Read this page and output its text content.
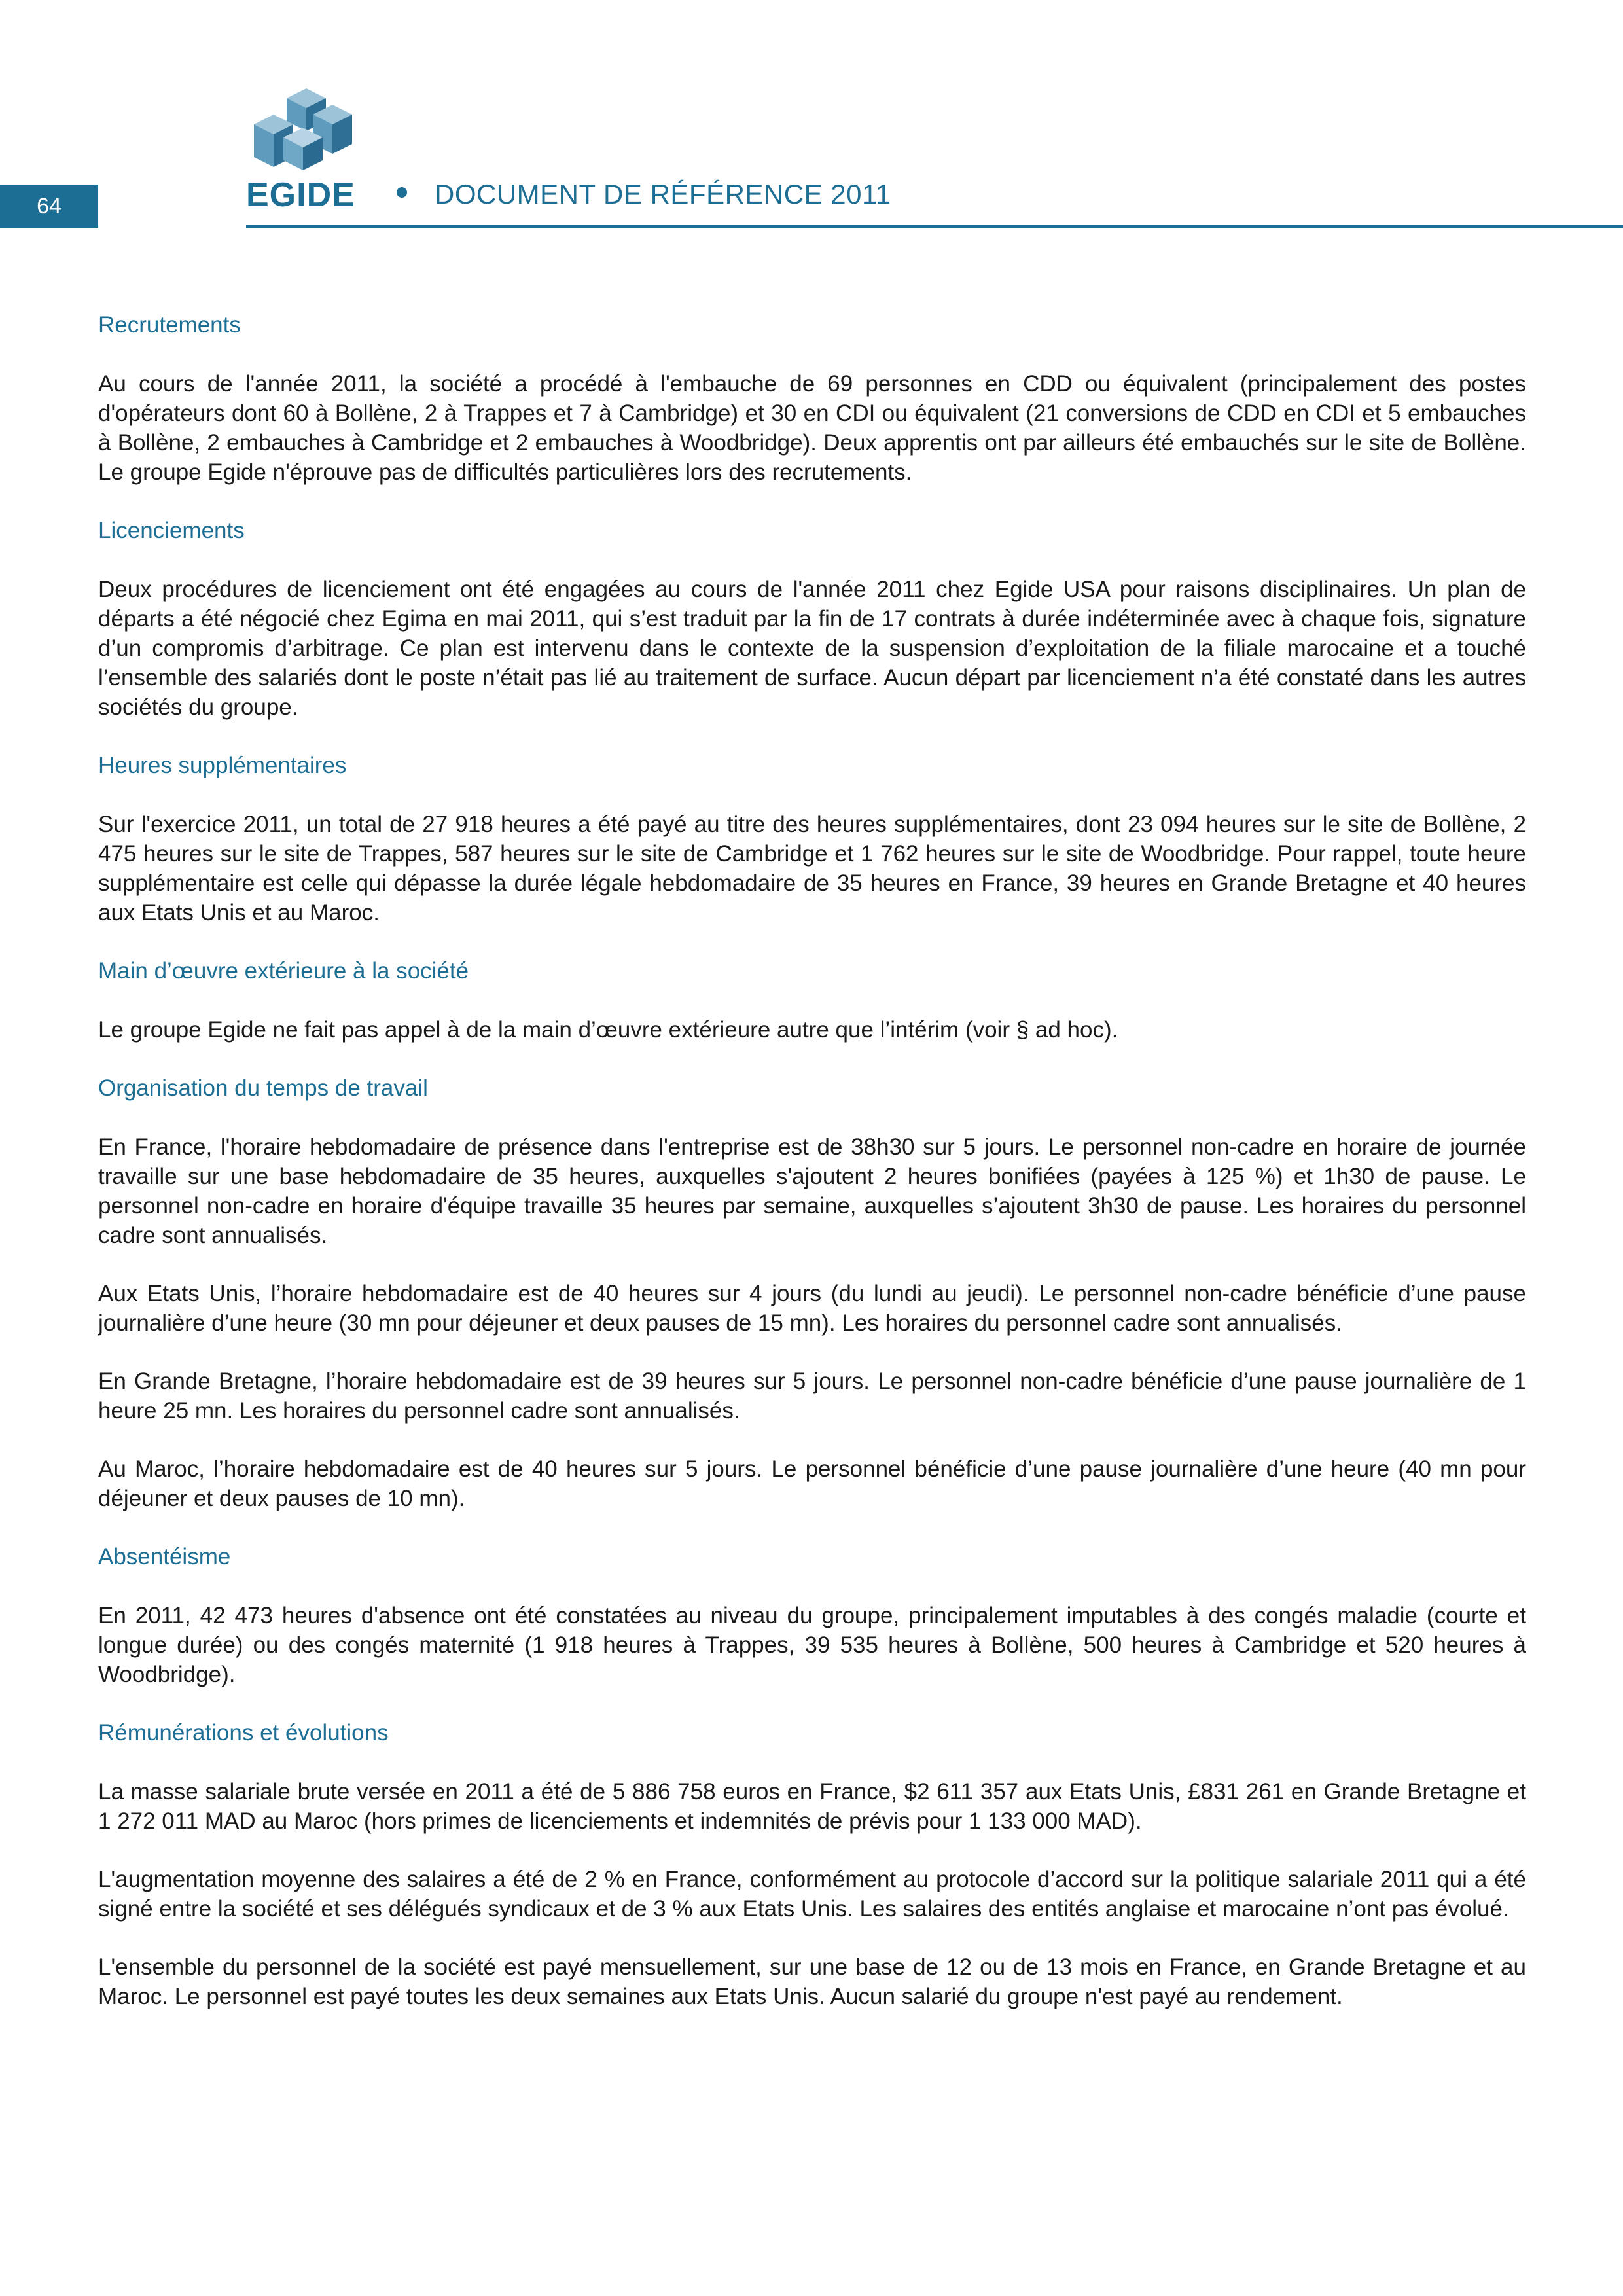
64	EGIDE	DOCUMENT DE RÉFÉRENCE 2011
Recrutements

Au cours de l'année 2011, la société a procédé à l'embauche de 69 personnes en CDD ou équivalent (principalement des postes d'opérateurs dont 60 à Bollène, 2 à Trappes et 7 à Cambridge) et 30 en CDI ou équivalent (21 conversions de CDD en CDI et 5 embauches à Bollène, 2 embauches à Cambridge et 2 embauches à Woodbridge). Deux apprentis ont par ailleurs été embauchés sur le site de Bollène. Le groupe Egide n'éprouve pas de difficultés particulières lors des recrutements.

Licenciements

Deux procédures de licenciement ont été engagées au cours de l'année 2011 chez Egide USA pour raisons disciplinaires. Un plan de départs a été négocié chez Egima en mai 2011, qui s’est traduit par la fin de 17 contrats à durée indéterminée avec à chaque fois, signature d’un compromis d’arbitrage. Ce plan est intervenu dans le contexte de la suspension d’exploitation de la filiale marocaine et a touché l’ensemble des salariés dont le poste n’était pas lié au traitement de surface. Aucun départ par licenciement n’a été constaté dans les autres sociétés du groupe.

Heures supplémentaires

Sur l'exercice 2011, un total de 27 918 heures a été payé au titre des heures supplémentaires, dont 23 094 heures sur le site de Bollène, 2 475 heures sur le site de Trappes, 587 heures sur le site de Cambridge et 1 762 heures sur le site de Woodbridge. Pour rappel, toute heure supplémentaire est celle qui dépasse la durée légale hebdomadaire de 35 heures en France, 39 heures en Grande Bretagne et 40 heures aux Etats Unis et au Maroc.

Main d’œuvre extérieure à la société

Le groupe Egide ne fait pas appel à de la main d’œuvre extérieure autre que l’intérim (voir § ad hoc).

Organisation du temps de travail

En France, l'horaire hebdomadaire de présence dans l'entreprise est de 38h30 sur 5 jours. Le personnel non-cadre en horaire de journée travaille sur une base hebdomadaire de 35 heures, auxquelles s'ajoutent 2 heures bonifiées (payées à 125 %) et 1h30 de pause. Le personnel non-cadre en horaire d'équipe travaille 35 heures par semaine, auxquelles s’ajoutent 3h30 de pause. Les horaires du personnel cadre sont annualisés.

Aux Etats Unis, l’horaire hebdomadaire est de 40 heures sur 4 jours (du lundi au jeudi). Le personnel non-cadre bénéficie d’une pause journalière d’une heure (30 mn pour déjeuner et deux pauses de 15 mn). Les horaires du personnel cadre sont annualisés.

En Grande Bretagne, l’horaire hebdomadaire est de 39 heures sur 5 jours. Le personnel non-cadre bénéficie d’une pause journalière de 1 heure 25 mn. Les horaires du personnel cadre sont annualisés.

Au Maroc, l’horaire hebdomadaire est de 40 heures sur 5 jours. Le personnel bénéficie d’une pause journalière d’une heure (40 mn pour déjeuner et deux pauses de 10 mn).

Absentéisme

En 2011, 42 473 heures d'absence ont été constatées au niveau du groupe, principalement imputables à des congés maladie (courte et longue durée) ou des congés maternité (1 918 heures à Trappes, 39 535 heures à Bollène, 500 heures à Cambridge et 520 heures à Woodbridge).

Rémunérations et évolutions

La masse salariale brute versée en 2011 a été de 5 886 758 euros en France, $2 611 357 aux Etats Unis, £831 261 en Grande Bretagne et 1 272 011 MAD au Maroc (hors primes de licenciements et indemnités de prévis pour 1 133 000 MAD).

L'augmentation moyenne des salaires a été de 2 % en France, conformément au protocole d’accord sur la politique salariale 2011 qui a été signé entre la société et ses délégués syndicaux et de 3 % aux Etats Unis. Les salaires des entités anglaise et marocaine n’ont pas évolué.

L'ensemble du personnel de la société est payé mensuellement, sur une base de 12 ou de 13 mois en France, en Grande Bretagne et au Maroc. Le personnel est payé toutes les deux semaines aux Etats Unis. Aucun salarié du groupe n'est payé au rendement.
